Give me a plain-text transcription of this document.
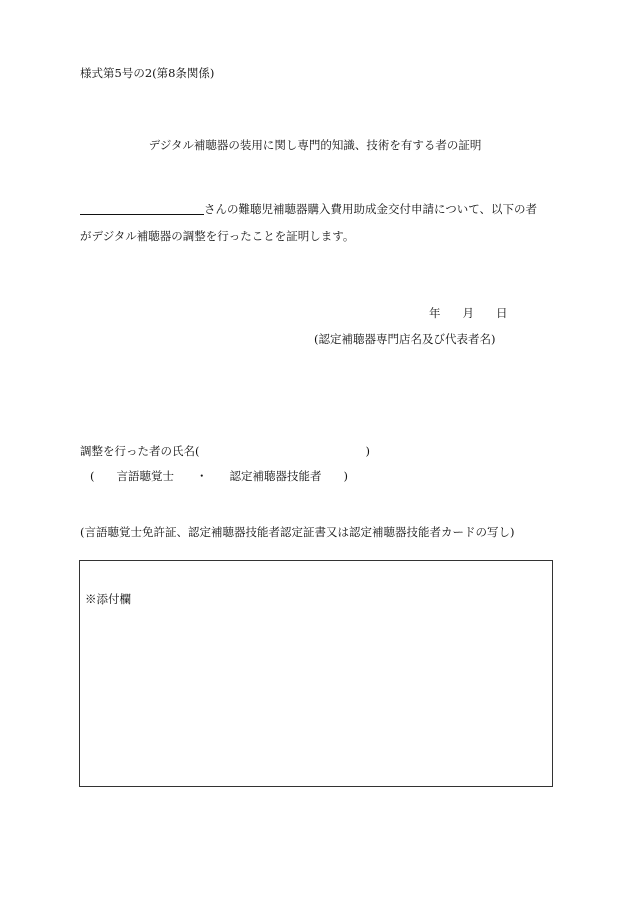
様式第5号の2(第8条関係)
デジタル補聴器の装用に関し専門的知識、技術を有する者の証明
さんの難聴児補聴器購入費用助成金交付申請について、以下の者
がデジタル補聴器の調整を行ったことを証明します。
年 月 日
(認定補聴器専門店名及び代表者名)
調整を行った者の氏名(	)
( 言語聴覚士 ・ 認定補聴器技能者 )
(言語聴覚士免許証、認定補聴器技能者認定証書又は認定補聴器技能者カードの写し)
※添付欄
